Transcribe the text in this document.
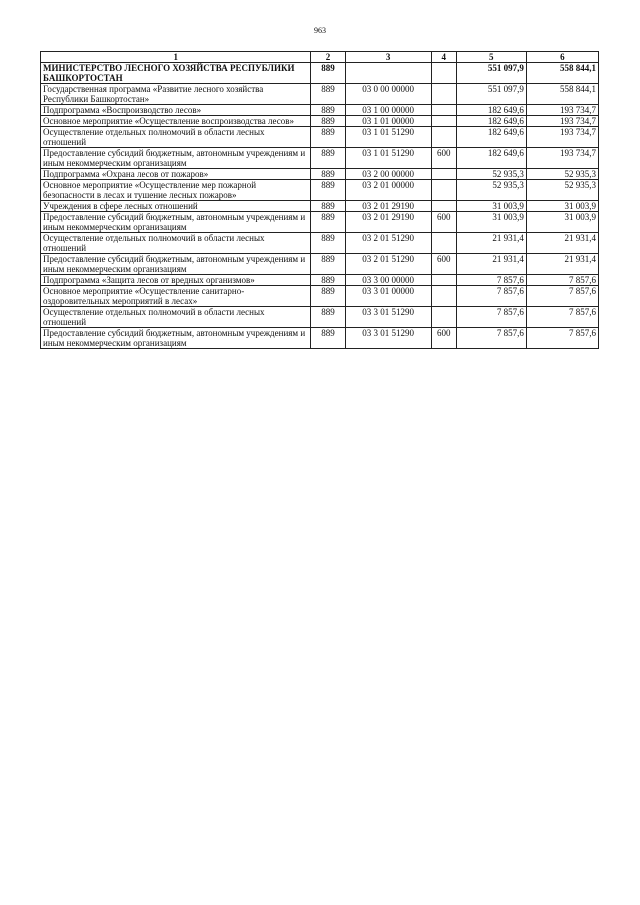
963
1	2	3	4	5	6
МИНИСТЕРСТВО ЛЕСНОГО ХОЗЯЙСТВА РЕСПУБЛИКИ БАШКОРТОСТАН	889			551 097,9	558 844,1
Государственная программа «Развитие лесного хозяйства Республики Башкортостан»	889	03 0 00 00000		551 097,9	558 844,1
Подпрограмма «Воспроизводство лесов»	889	03 1 00 00000		182 649,6	193 734,7
Основное мероприятие «Осуществление воспроизводства лесов»	889	03 1 01 00000		182 649,6	193 734,7
Осуществление отдельных полномочий в области лесных отношений	889	03 1 01 51290		182 649,6	193 734,7
Предоставление субсидий бюджетным, автономным учреждениям и иным некоммерческим организациям	889	03 1 01 51290	600	182 649,6	193 734,7
Подпрограмма «Охрана лесов от пожаров»	889	03 2 00 00000		52 935,3	52 935,3
Основное мероприятие «Осуществление мер пожарной безопасности в лесах и тушение лесных пожаров»	889	03 2 01 00000		52 935,3	52 935,3
Учреждения в сфере лесных отношений	889	03 2 01 29190		31 003,9	31 003,9
Предоставление субсидий бюджетным, автономным учреждениям и иным некоммерческим организациям	889	03 2 01 29190	600	31 003,9	31 003,9
Осуществление отдельных полномочий в области лесных отношений	889	03 2 01 51290		21 931,4	21 931,4
Предоставление субсидий бюджетным, автономным учреждениям и иным некоммерческим организациям	889	03 2 01 51290	600	21 931,4	21 931,4
Подпрограмма «Защита лесов от вредных организмов»	889	03 3 00 00000		7 857,6	7 857,6
Основное мероприятие «Осуществление санитарно-оздоровительных мероприятий в лесах»	889	03 3 01 00000		7 857,6	7 857,6
Осуществление отдельных полномочий в области лесных отношений	889	03 3 01 51290		7 857,6	7 857,6
Предоставление субсидий бюджетным, автономным учреждениям и иным некоммерческим организациям	889	03 3 01 51290	600	7 857,6	7 857,6
